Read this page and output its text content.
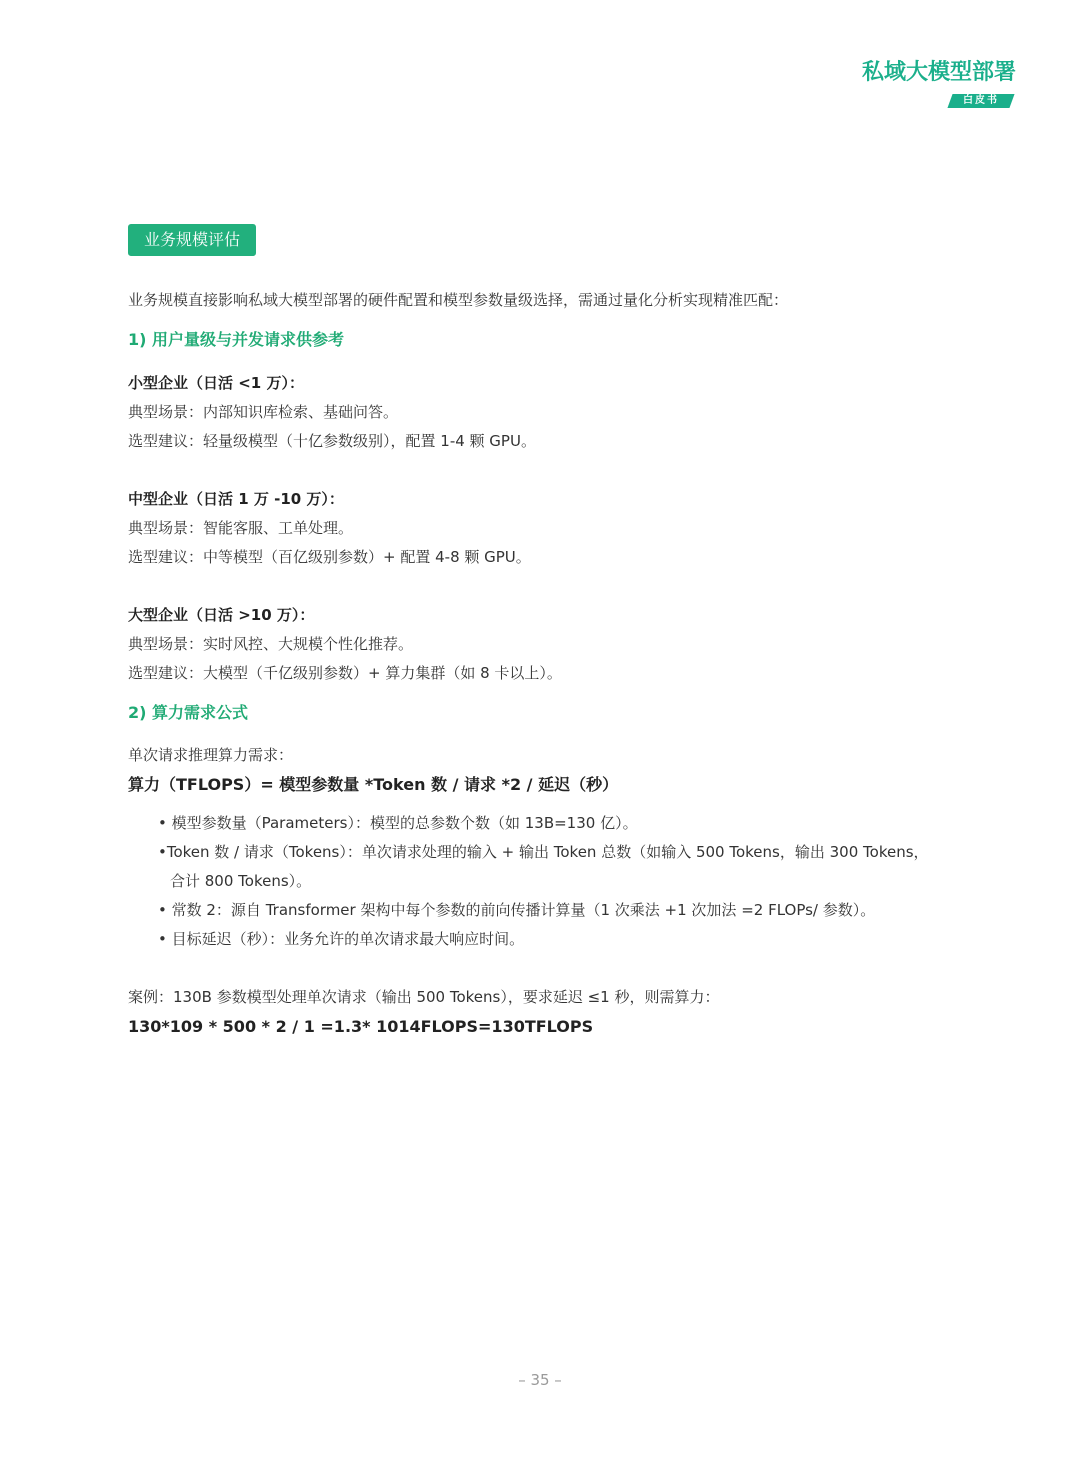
私域大模型部署
白皮书
业务规模评估

业务规模直接影响私域大模型部署的硬件配置和模型参数量级选择，需通过量化分析实现精准匹配：

1) 用户量级与并发请求供参考

小型企业（日活 <1 万）：

典型场景：内部知识库检索、基础问答。

选型建议：轻量级模型（十亿参数级别），配置 1-4 颗 GPU。

中型企业（日活 1 万 -10 万）：

典型场景：智能客服、工单处理。

选型建议：中等模型（百亿级别参数）+ 配置 4-8 颗 GPU。

大型企业（日活 >10 万）：

典型场景：实时风控、大规模个性化推荐。

选型建议：大模型（千亿级别参数）+ 算力集群（如 8 卡以上）。

2) 算力需求公式

单次请求推理算力需求：

算力（TFLOPS）= 模型参数量 *Token 数 / 请求 *2 / 延迟（秒）

• 模型参数量（Parameters）：模型的总参数个数（如 13B=130 亿）。

•Token 数 / 请求（Tokens）：单次请求处理的输入 + 输出 Token 总数（如输入 500 Tokens，输出 300 Tokens，

合计 800 Tokens）。

• 常数 2：源自 Transformer 架构中每个参数的前向传播计算量（1 次乘法 +1 次加法 =2 FLOPs/ 参数）。

• 目标延迟（秒）：业务允许的单次请求最大响应时间。

案例：130B 参数模型处理单次请求（输出 500 Tokens），要求延迟 ≤1 秒，则需算力：

130*109 * 500 * 2 / 1 =1.3* 1014FLOPS=130TFLOPS

– 35 –
